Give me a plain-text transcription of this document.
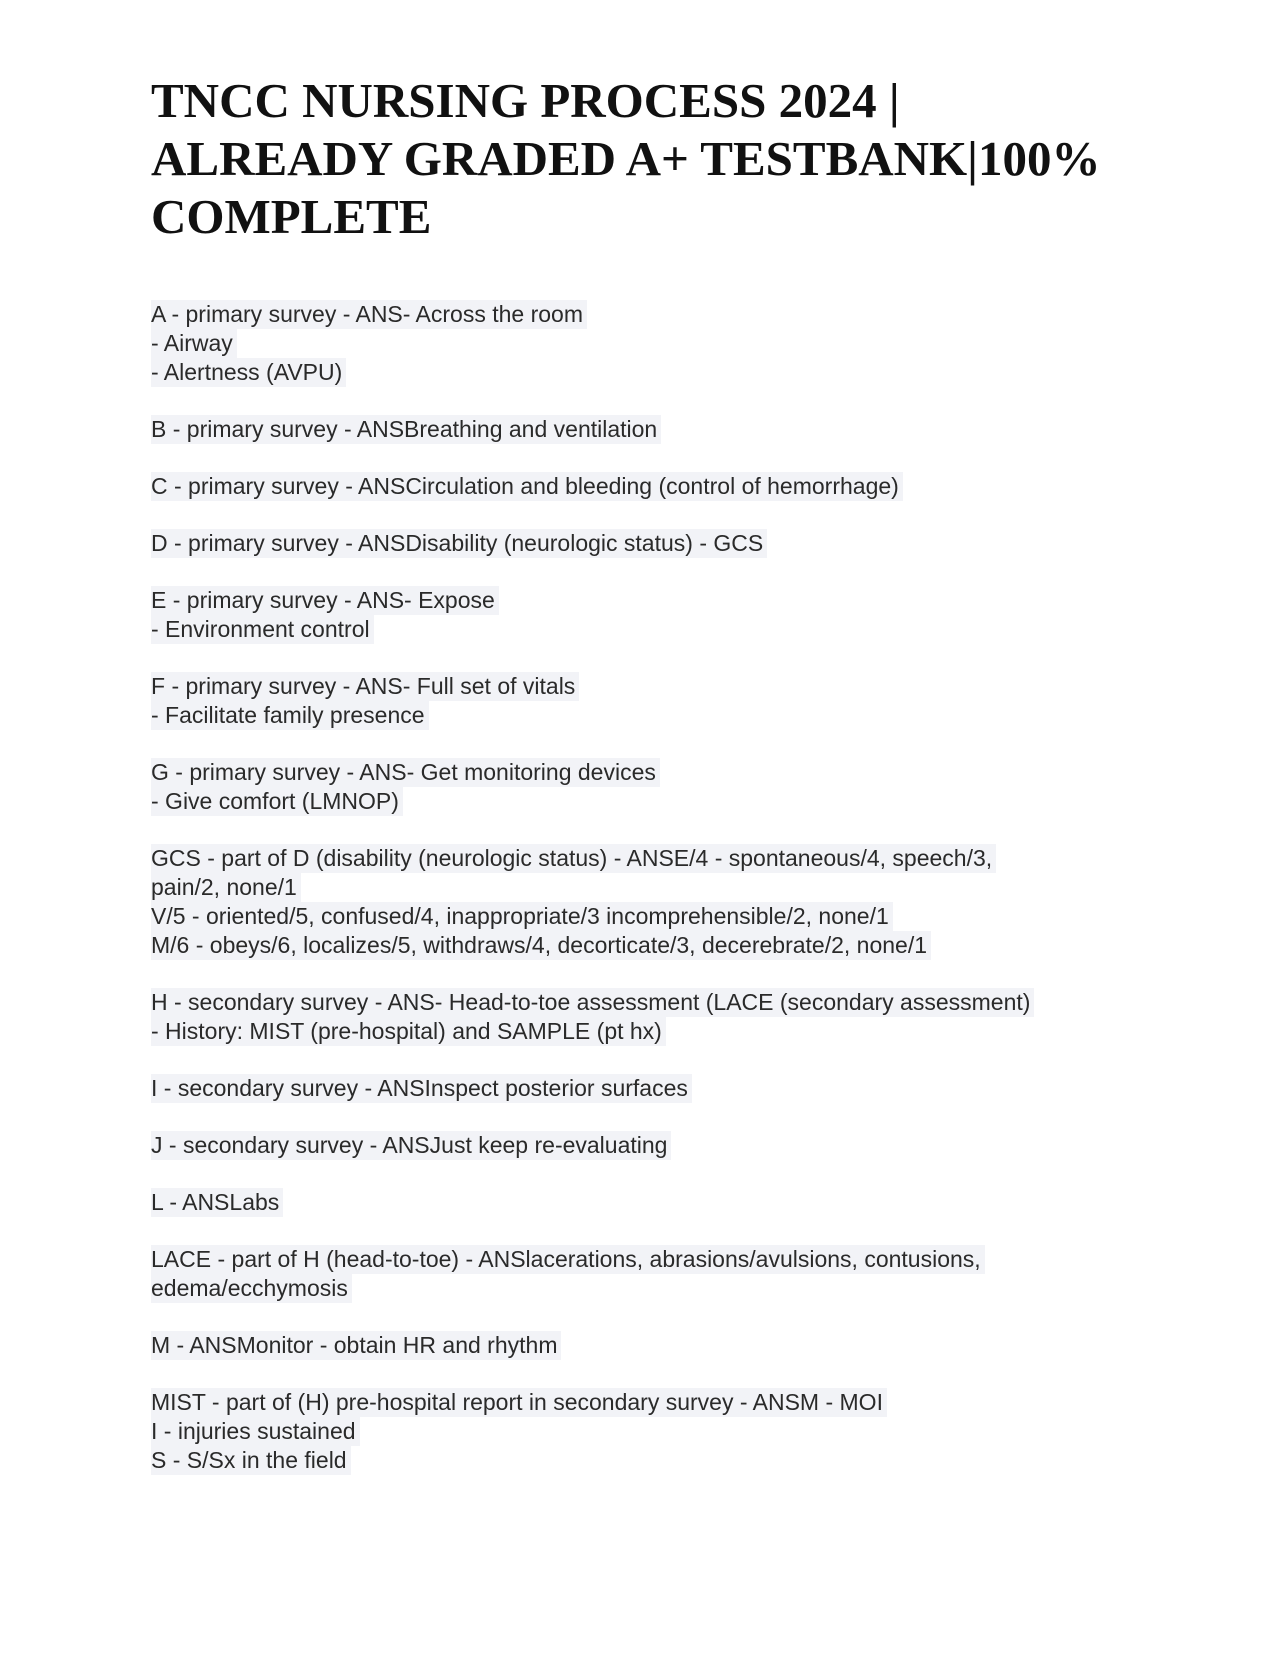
TNCC NURSING PROCESS 2024 |
ALREADY GRADED A+ TESTBANK|100%
COMPLETE
A - primary survey - ANS- Across the room
- Airway
- Alertness (AVPU)
B - primary survey - ANSBreathing and ventilation
C - primary survey - ANSCirculation and bleeding (control of hemorrhage)
D - primary survey - ANSDisability (neurologic status) - GCS
E - primary survey - ANS- Expose
- Environment control
F - primary survey - ANS- Full set of vitals
- Facilitate family presence
G - primary survey - ANS- Get monitoring devices
- Give comfort (LMNOP)
GCS - part of D (disability (neurologic status) - ANSE/4 - spontaneous/4, speech/3,
pain/2, none/1
V/5 - oriented/5, confused/4, inappropriate/3 incomprehensible/2, none/1
M/6 - obeys/6, localizes/5, withdraws/4, decorticate/3, decerebrate/2, none/1
H - secondary survey - ANS- Head-to-toe assessment (LACE (secondary assessment)
- History: MIST (pre-hospital) and SAMPLE (pt hx)
I - secondary survey - ANSInspect posterior surfaces
J - secondary survey - ANSJust keep re-evaluating
L - ANSLabs
LACE - part of H (head-to-toe) - ANSlacerations, abrasions/avulsions, contusions,
edema/ecchymosis
M - ANSMonitor - obtain HR and rhythm
MIST - part of (H) pre-hospital report in secondary survey - ANSM - MOI
I - injuries sustained
S - S/Sx in the field
